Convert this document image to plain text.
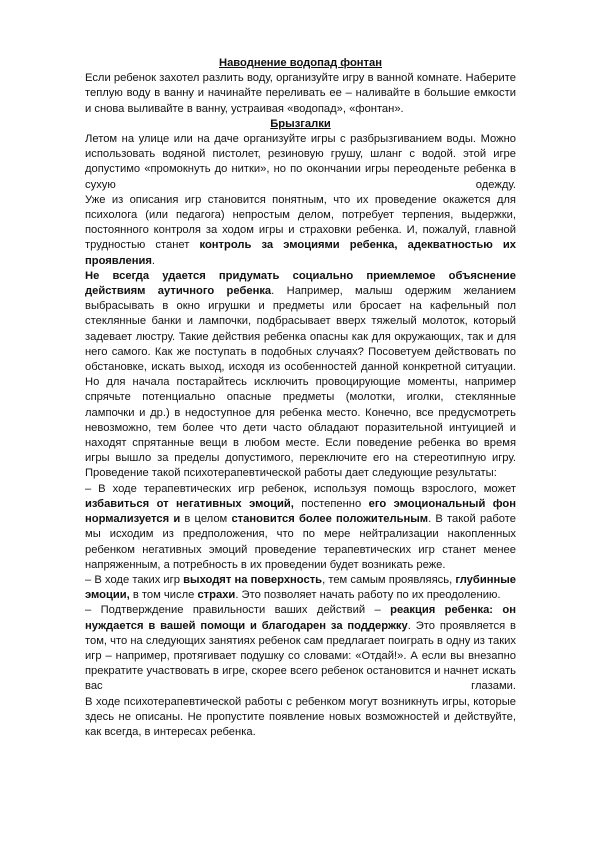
Наводнение водопад фонтан

Если ребенок захотел разлить воду, организуйте игру в ванной комнате. Наберите теплую воду в ванну и начинайте переливать ее – наливайте в большие емкости и снова выливайте в ванну, устраивая «водопад», «фонтан».

Брызгалки

Летом на улице или на даче организуйте игры с разбрызгиванием воды. Можно использовать водяной пистолет, резиновую грушу, шланг с водой. этой игре допустимо «промокнуть до нитки», но по окончании игры переоденьте ребенка в сухую	одежду.

Уже из описания игр становится понятным, что их проведение окажется для психолога (или педагога) непростым делом, потребует терпения, выдержки, постоянного контроля за ходом игры и страховки ребенка. И, пожалуй, главной трудностью станет контроль за эмоциями ребенка, адекватностью их проявления.

Не всегда удается придумать социально приемлемое объяснение действиям аутичного ребенка. Например, малыш одержим желанием выбрасывать в окно игрушки и предметы или бросает на кафельный пол стеклянные банки и лампочки, подбрасывает вверх тяжелый молоток, который задевает люстру. Такие действия ребенка опасны как для окружающих, так и для него самого. Как же поступать в подобных случаях? Посоветуем действовать по обстановке, искать выход, исходя из особенностей данной конкретной ситуации. Но для начала постарайтесь исключить провоцирующие моменты, например спрячьте потенциально опасные предметы (молотки, иголки, стеклянные лампочки и др.) в недоступное для ребенка место. Конечно, все предусмотреть невозможно, тем более что дети часто обладают поразительной интуицией и находят спрятанные вещи в любом месте. Если поведение ребенка во время игры вышло за пределы допустимого, переключите его на стереотипную игру.

Проведение такой психотерапевтической работы дает следующие результаты:

– В ходе терапевтических игр ребенок, используя помощь взрослого, может избавиться от негативных эмоций, постепенно его эмоциональный фон нормализуется и в целом становится более положительным. В такой работе мы исходим из предположения, что по мере нейтрализации накопленных ребенком негативных эмоций проведение терапевтических игр станет менее напряженным, а потребность в их проведении будет возникать реже.

– В ходе таких игр выходят на поверхность, тем самым проявляясь, глубинные эмоции, в том числе страхи. Это позволяет начать работу по их преодолению.

– Подтверждение правильности ваших действий – реакция ребенка: он нуждается в вашей помощи и благодарен за поддержку. Это проявляется в том, что на следующих занятиях ребенок сам предлагает поиграть в одну из таких игр – например, протягивает подушку со словами: «Отдай!». А если вы внезапно прекратите участвовать в игре, скорее всего ребенок остановится и начнет искать ваc глазами.

В ходе психотерапевтической работы с ребенком могут возникнуть игры, которые здесь не описаны. Не пропустите появление новых возможностей и действуйте, как всегда, в интересах ребенка.
